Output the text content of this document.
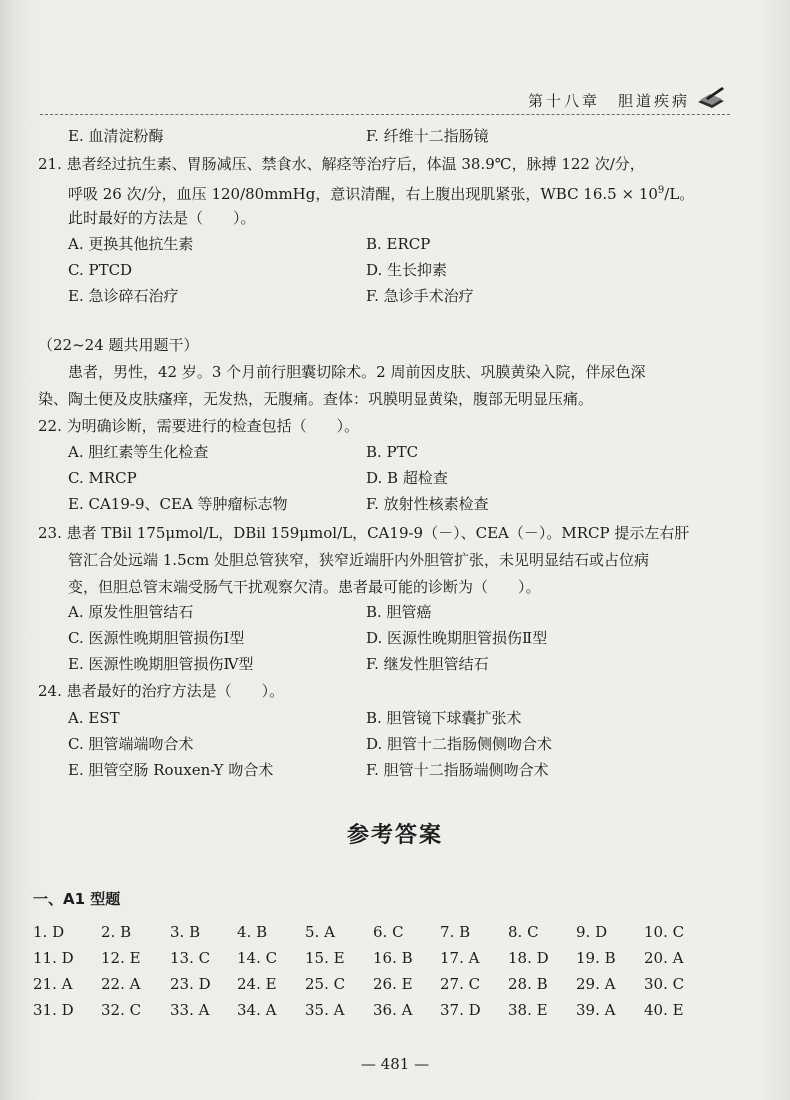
第十八章　胆道疾病
E. 血清淀粉酶	F. 纤维十二指肠镜
21. 患者经过抗生素、胃肠减压、禁食水、解痉等治疗后，体温 38.9℃，脉搏 122 次/分，
呼吸 26 次/分，血压 120/80mmHg，意识清醒，右上腹出现肌紧张，WBC $16.5 \times 10^9/L$。
此时最好的方法是（　　）。
A. 更换其他抗生素	B. ERCP
C. PTCD	D. 生长抑素
E. 急诊碎石治疗	F. 急诊手术治疗
（22~24 题共用题干）
患者，男性，42 岁。3 个月前行胆囊切除术。2 周前因皮肤、巩膜黄染入院，伴尿色深
染、陶土便及皮肤瘙痒，无发热，无腹痛。查体：巩膜明显黄染，腹部无明显压痛。
22. 为明确诊断，需要进行的检查包括（　　）。
A. 胆红素等生化检查	B. PTC
C. MRCP	D. B 超检查
E. CA19-9、CEA 等肿瘤标志物	F. 放射性核素检查
23. 患者 TBil 175μmol/L，DBil 159μmol/L，CA19-9（－）、CEA（－）。MRCP 提示左右肝
管汇合处远端 1.5cm 处胆总管狭窄，狭窄近端肝内外胆管扩张，未见明显结石或占位病
变，但胆总管末端受肠气干扰观察欠清。患者最可能的诊断为（　　）。
A. 原发性胆管结石	B. 胆管癌
C. 医源性晚期胆管损伤Ⅰ型	D. 医源性晚期胆管损伤Ⅱ型
E. 医源性晚期胆管损伤Ⅳ型	F. 继发性胆管结石
24. 患者最好的治疗方法是（　　）。
A. EST	B. 胆管镜下球囊扩张术
C. 胆管端端吻合术	D. 胆管十二指肠侧侧吻合术
E. 胆管空肠 Rouxen-Y 吻合术	F. 胆管十二指肠端侧吻合术
参考答案
一、A1 型题
1. D 2. B	3. B 4. B	5. A	6. C 7. B	8. C 9. D 10. C
11. D 12. E 13. C 14. C 15. E 16. B 17. A 18. D 19. B 20. A
21. A 22. A 23. D 24. E 25. C 26. E 27. C 28. B 29. A 30. C
31. D 32. C 33. A 34. A 35. A 36. A 37. D 38. E 39. A 40. E
— 481 —
